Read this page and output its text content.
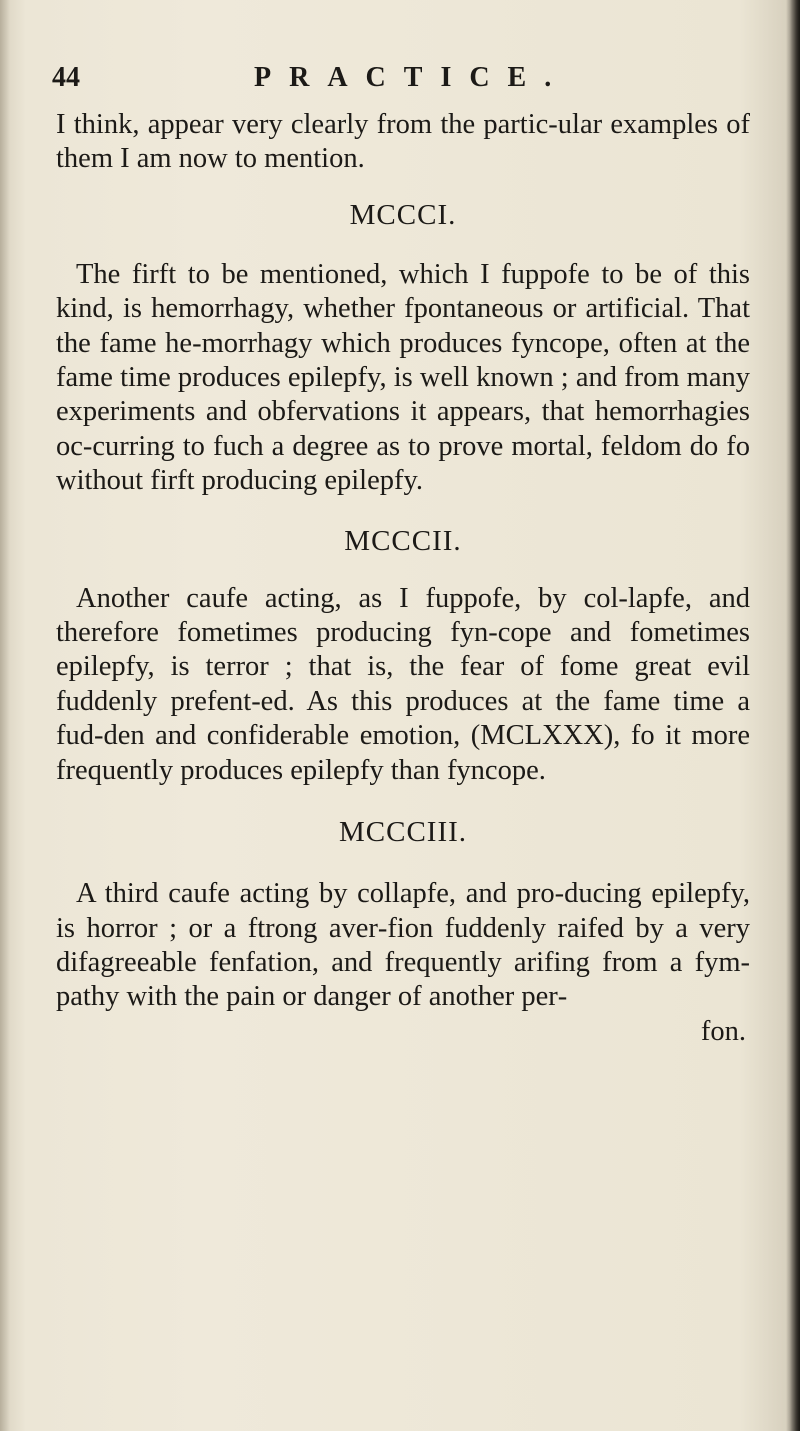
44	PRACTICE.

I think, appear very clearly from the partic‐ular examples of them I am now to mention.

MCCCI.

The firft to be mentioned, which I fuppofe to be of this kind, is hemorrhagy, whether fpontaneous or artificial. That the fame he‐morrhagy which produces fyncope, often at the fame time produces epilepfy, is well known ; and from many experiments and obfervations it appears, that hemorrhagies oc‐curring to fuch a degree as to prove mortal, feldom do fo without firft producing epilepfy.

MCCCII.

Another caufe acting, as I fuppofe, by col‐lapfe, and therefore fometimes producing fyn‐cope and fometimes epilepfy, is terror ; that is, the fear of fome great evil fuddenly prefent‐ed. As this produces at the fame time a fud‐den and confiderable emotion, (MCLXXX), fo it more frequently produces epilepfy than fyncope.

MCCCIII.

A third caufe acting by collapfe, and pro‐ducing epilepfy, is horror ; or a ftrong aver‐fion fuddenly raifed by a very difagreeable fenfation, and frequently arifing from a fym‐pathy with the pain or danger of another per‐

fon.
